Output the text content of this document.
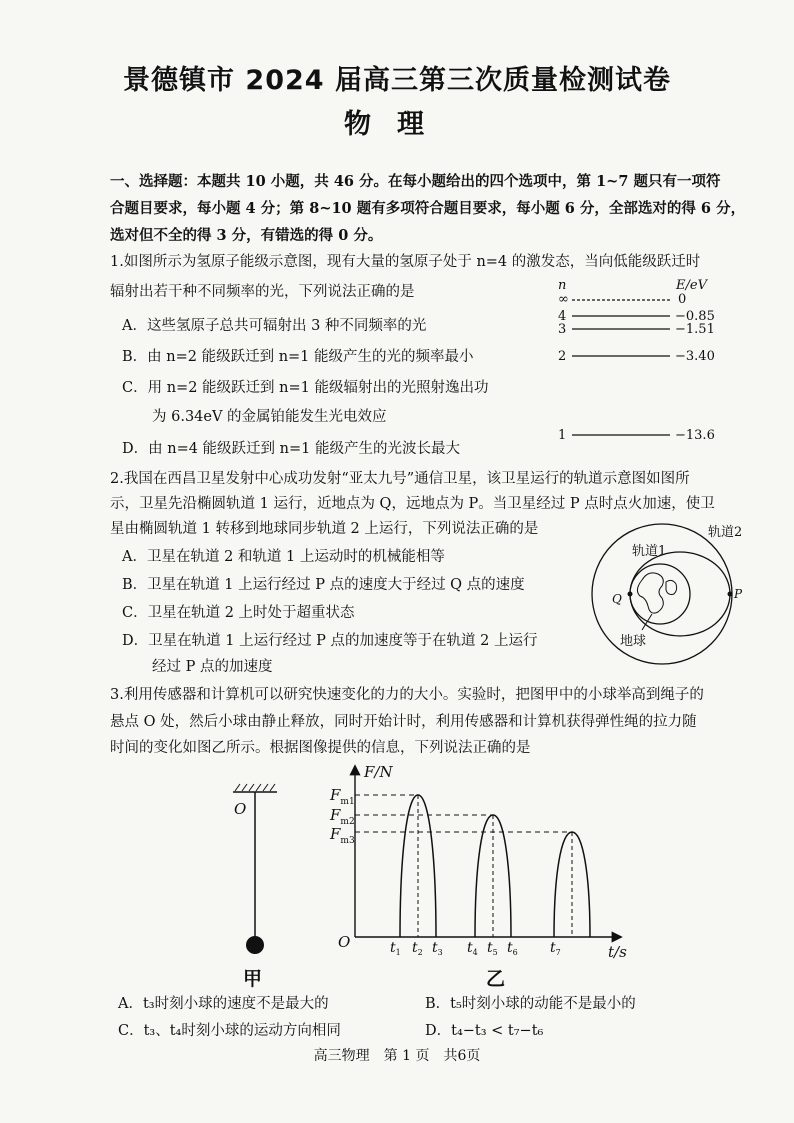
景德镇市 2024 届高三第三次质量检测试卷
物理
一、选择题：本题共 10 小题，共 46 分。在每小题给出的四个选项中，第 1~7 题只有一项符
合题目要求，每小题 4 分；第 8~10 题有多项符合题目要求，每小题 6 分，全部选对的得 6 分，
选对但不全的得 3 分，有错选的得 0 分。
1.如图所示为氢原子能级示意图，现有大量的氢原子处于 n=4 的激发态，当向低能级跃迁时
辐射出若干种不同频率的光，下列说法正确的是
A．这些氢原子总共可辐射出 3 种不同频率的光
B．由 n=2 能级跃迁到 n=1 能级产生的光的频率最小
C．用 n=2 能级跃迁到 n=1 能级辐射出的光照射逸出功
为 6.34eV 的金属铂能发生光电效应
D．由 n=4 能级跃迁到 n=1 能级产生的光波长最大
n	E/eV
∞	0
4	−0.85
3	−1.51
2	−3.40
1	−13.6
2.我国在西昌卫星发射中心成功发射“亚太九号”通信卫星，该卫星运行的轨道示意图如图所
示，卫星先沿椭圆轨道 1 运行，近地点为 Q，远地点为 P。当卫星经过 P 点时点火加速，使卫
星由椭圆轨道 1 转移到地球同步轨道 2 上运行，下列说法正确的是
A．卫星在轨道 2 和轨道 1 上运动时的机械能相等
B．卫星在轨道 1 上运行经过 P 点的速度大于经过 Q 点的速度
C．卫星在轨道 2 上时处于超重状态
D．卫星在轨道 1 上运行经过 P 点的加速度等于在轨道 2 上运行
经过 P 点的加速度
P
Q
轨道1
轨道2
地球
3.利用传感器和计算机可以研究快速变化的力的大小。实验时，把图甲中的小球举高到绳子的
悬点 O 处，然后小球由静止释放，同时开始计时，利用传感器和计算机获得弹性绳的拉力随
时间的变化如图乙所示。根据图像提供的信息，下列说法正确的是
O
甲
F/N
t/s
O
$F_{m1}$
$F_{m2}$
$F_{m3}$
$t_1$ $t_2$ $t_3$ $t_4$ $t_5$ $t_6$ $t_7$
乙
A．t₃时刻小球的速度不是最大的	B．t₅时刻小球的动能不是最小的
C．t₃、t₄时刻小球的运动方向相同	D．t₄−t₃ < t₇−t₆
高三物理　第 1 页　共6页
